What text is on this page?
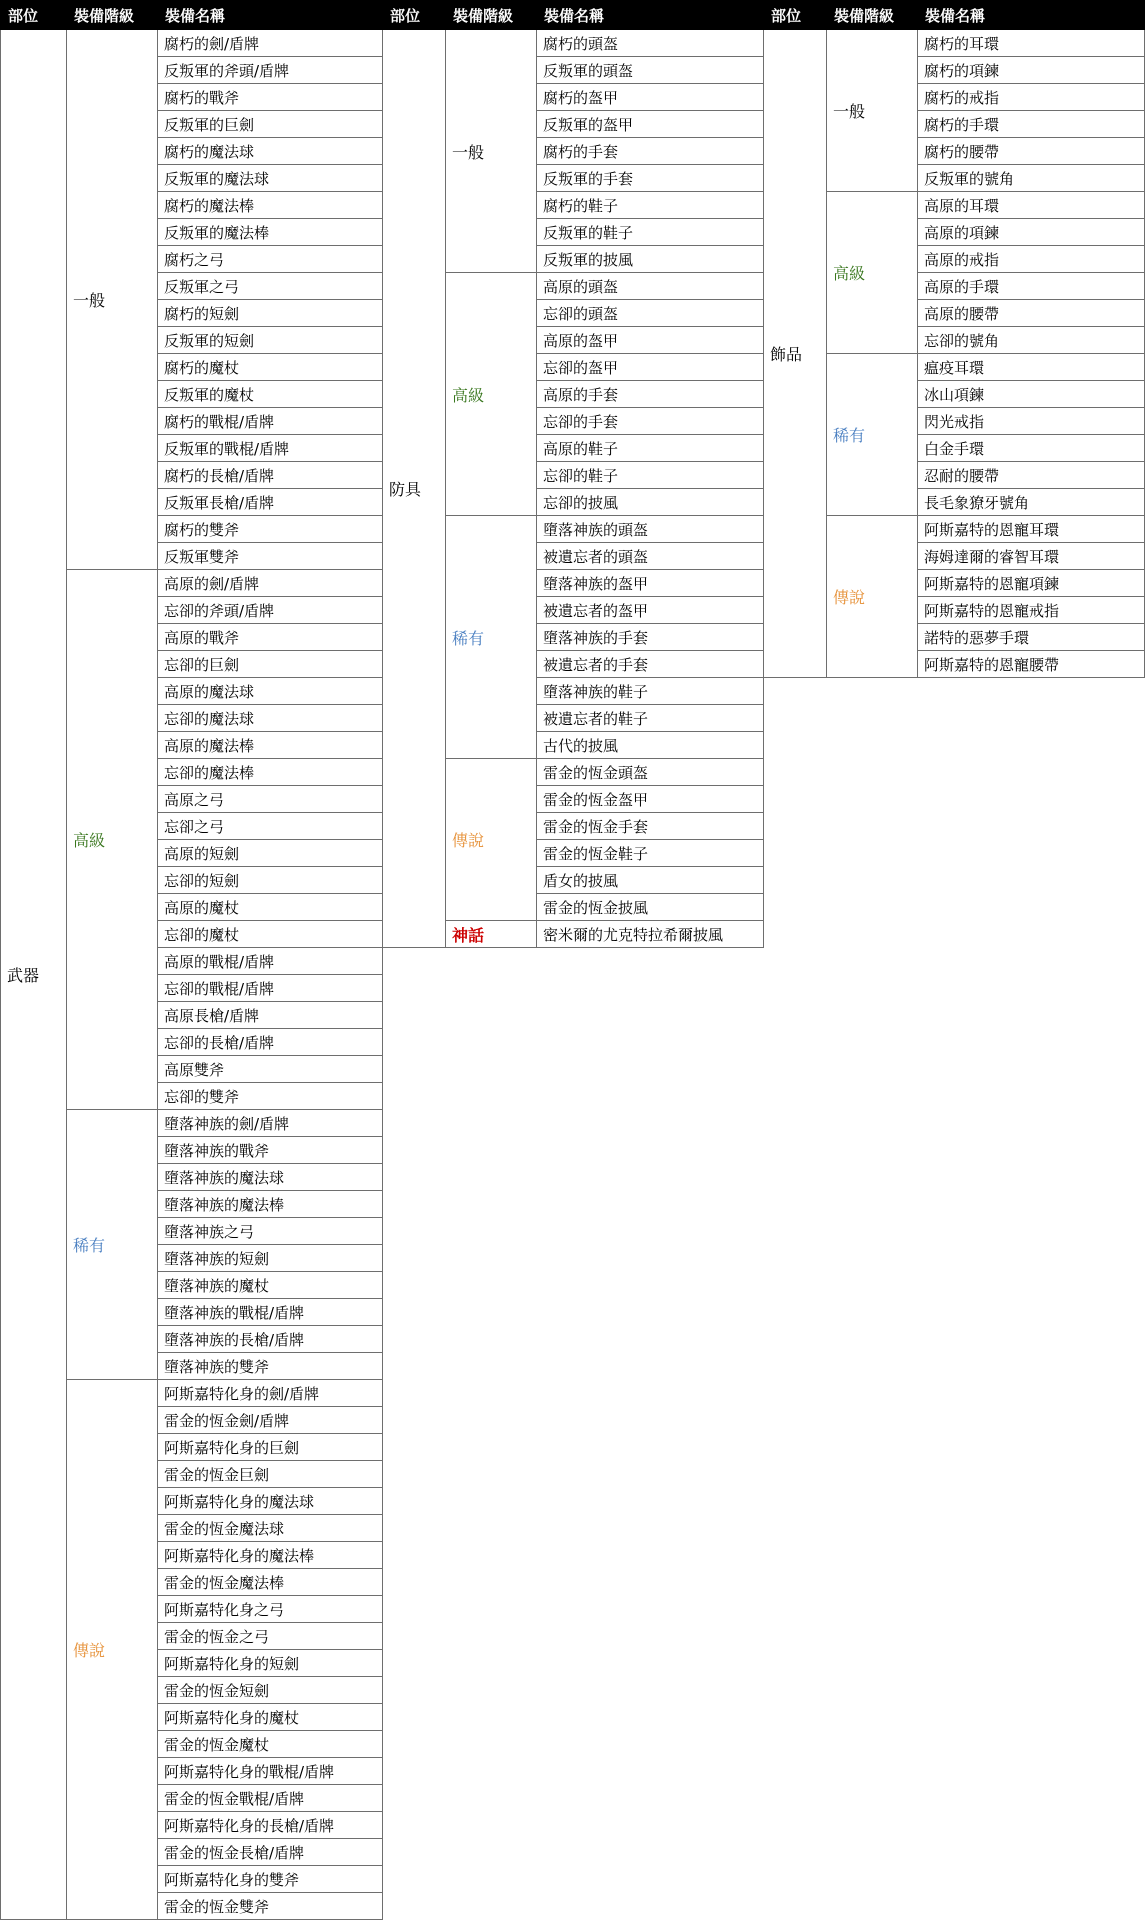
部位	裝備階級	裝備名稱
武器	一般	腐朽的劍/盾牌
		反叛軍的斧頭/盾牌
		腐朽的戰斧
		反叛軍的巨劍
		腐朽的魔法球
		反叛軍的魔法球
		腐朽的魔法棒
		反叛軍的魔法棒
		腐朽之弓
		反叛軍之弓
		腐朽的短劍
		反叛軍的短劍
		腐朽的魔杖
		反叛軍的魔杖
		腐朽的戰棍/盾牌
		反叛軍的戰棍/盾牌
		腐朽的長槍/盾牌
		反叛軍長槍/盾牌
		腐朽的雙斧
		反叛軍雙斧
	高級	高原的劍/盾牌
		忘卻的斧頭/盾牌
		高原的戰斧
		忘卻的巨劍
		高原的魔法球
		忘卻的魔法球
		高原的魔法棒
		忘卻的魔法棒
		高原之弓
		忘卻之弓
		高原的短劍
		忘卻的短劍
		高原的魔杖
		忘卻的魔杖
		高原的戰棍/盾牌
		忘卻的戰棍/盾牌
		高原長槍/盾牌
		忘卻的長槍/盾牌
		高原雙斧
		忘卻的雙斧
	稀有	墮落神族的劍/盾牌
		墮落神族的戰斧
		墮落神族的魔法球
		墮落神族的魔法棒
		墮落神族之弓
		墮落神族的短劍
		墮落神族的魔杖
		墮落神族的戰棍/盾牌
		墮落神族的長槍/盾牌
		墮落神族的雙斧
	傳說	阿斯嘉特化身的劍/盾牌
		雷金的恆金劍/盾牌
		阿斯嘉特化身的巨劍
		雷金的恆金巨劍
		阿斯嘉特化身的魔法球
		雷金的恆金魔法球
		阿斯嘉特化身的魔法棒
		雷金的恆金魔法棒
		阿斯嘉特化身之弓
		雷金的恆金之弓
		阿斯嘉特化身的短劍
		雷金的恆金短劍
		阿斯嘉特化身的魔杖
		雷金的恆金魔杖
		阿斯嘉特化身的戰棍/盾牌
		雷金的恆金戰棍/盾牌
		阿斯嘉特化身的長槍/盾牌
		雷金的恆金長槍/盾牌
		阿斯嘉特化身的雙斧
		雷金的恆金雙斧
部位	裝備階級	裝備名稱
防具	一般	腐朽的頭盔
		反叛軍的頭盔
		腐朽的盔甲
		反叛軍的盔甲
		腐朽的手套
		反叛軍的手套
		腐朽的鞋子
		反叛軍的鞋子
		反叛軍的披風
	高級	高原的頭盔
		忘卻的頭盔
		高原的盔甲
		忘卻的盔甲
		高原的手套
		忘卻的手套
		高原的鞋子
		忘卻的鞋子
		忘卻的披風
	稀有	墮落神族的頭盔
		被遺忘者的頭盔
		墮落神族的盔甲
		被遺忘者的盔甲
		墮落神族的手套
		被遺忘者的手套
		墮落神族的鞋子
		被遺忘者的鞋子
		古代的披風
	傳說	雷金的恆金頭盔
		雷金的恆金盔甲
		雷金的恆金手套
		雷金的恆金鞋子
		盾女的披風
		雷金的恆金披風
	神話	密米爾的尤克特拉希爾披風
部位	裝備階級	裝備名稱
飾品	一般	腐朽的耳環
		腐朽的項鍊
		腐朽的戒指
		腐朽的手環
		腐朽的腰帶
		反叛軍的號角
	高級	高原的耳環
		高原的項鍊
		高原的戒指
		高原的手環
		高原的腰帶
		忘卻的號角
	稀有	瘟疫耳環
		冰山項鍊
		閃光戒指
		白金手環
		忍耐的腰帶
		長毛象獠牙號角
	傳說	阿斯嘉特的恩寵耳環
		海姆達爾的睿智耳環
		阿斯嘉特的恩寵項鍊
		阿斯嘉特的恩寵戒指
		諾特的惡夢手環
		阿斯嘉特的恩寵腰帶
